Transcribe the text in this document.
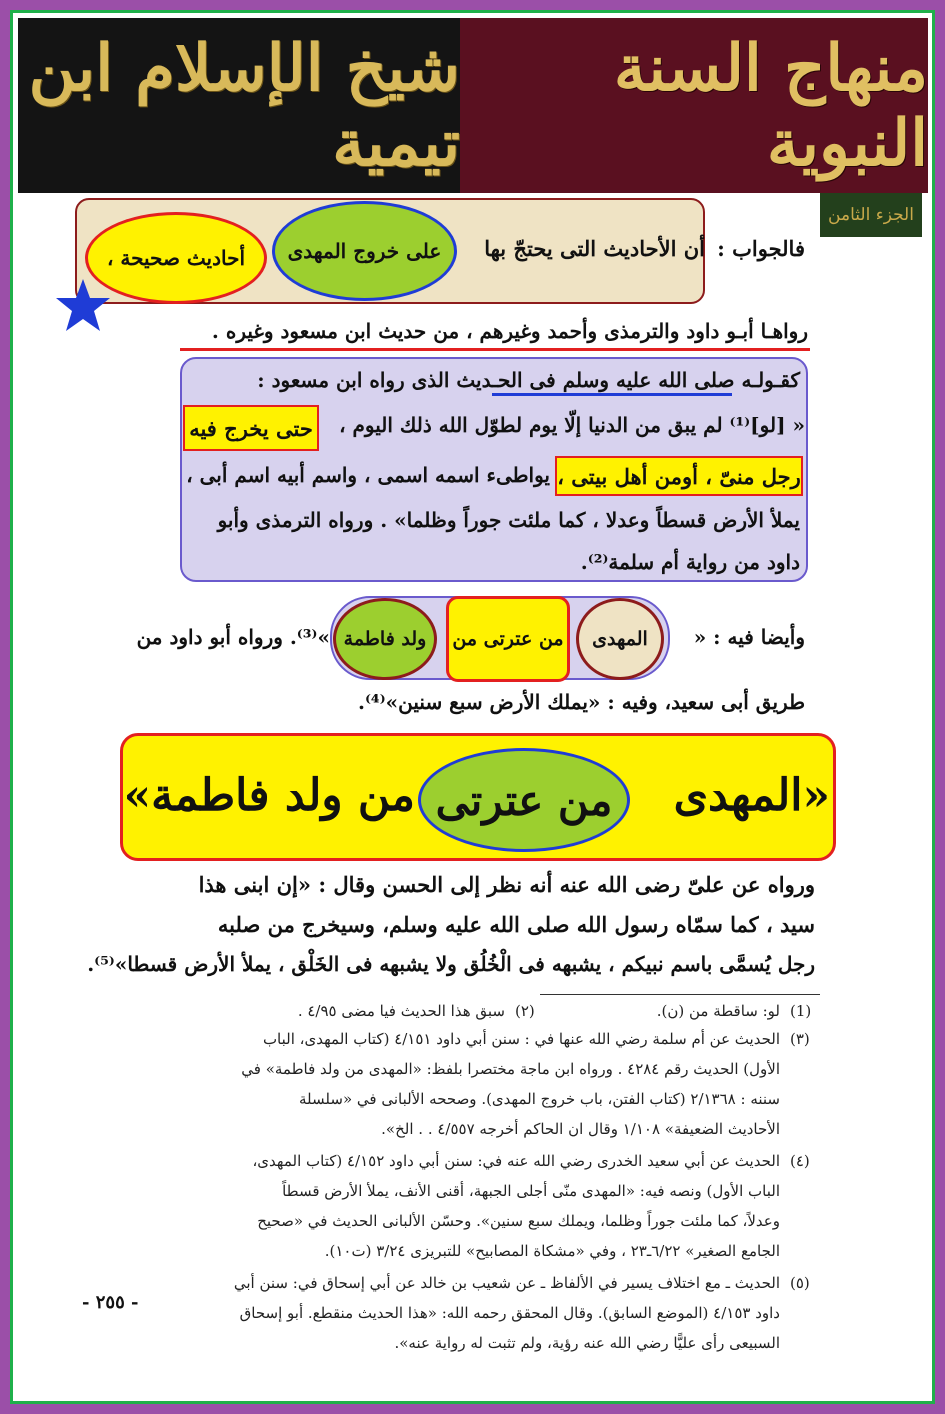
شيخ الإسلام ابن تيمية
منهاج السنة النبوية
الجزء الثامن
فالجواب :
أن الأحاديث التى يحتجّ بها
على خروج المهدى
أحاديث صحيحة ،
رواهـا أبـو داود والترمذى وأحمد وغيرهم ، من حديث ابن مسعود وغيره .
كقـولـه صلى الله عليه وسلم فى الحـديث الذى رواه ابن مسعود :
« [لو]⁽¹⁾ لم يبق من الدنيا إلّا يوم لطوّل الله ذلك اليوم ،
حتى يخرج فيه
رجل منىّ ، أومن أهل بيتى ،
يواطىء اسمه اسمى ، واسم أبيه اسم أبى ،
يملأ الأرض قسطاً وعدلا ، كما ملئت جوراً وظلما» . ورواه الترمذى وأبو
داود من رواية أم سلمة⁽²⁾.
وأيضا فيه : «
المهدى
من عترتى من
ولد فاطمة
»⁽³⁾. ورواه أبو داود من
طريق أبى سعيد، وفيه : «يملك الأرض سبع سنين»⁽⁴⁾.
«المهدى
من عترتى
من ولد فاطمة»
ورواه عن علىّ رضى الله عنه أنه نظر إلى الحسن وقال : «إن ابنى هذا
سيد ، كما سمّاه رسول الله صلى الله عليه وسلم، وسيخرج من صلبه
رجل يُسمَّى باسم نبيكم ، يشبهه فى الْخُلُق ولا يشبهه فى الخَلْق ، يملأ الأرض قسطا»⁽⁵⁾.
(1)
لو: ساقطة من (ن).
(٢)
سبق هذا الحديث فيا مضى ٤/٩٥ .
(٣)
الحديث عن أم سلمة رضي الله عنها في : سنن أبي داود ٤/١٥١ (كتاب المهدى، الباب
الأول) الحديث رقم ٤٢٨٤ . ورواه ابن ماجة مختصرا بلفظ: «المهدى من ولد فاطمة» في
سننه : ٢/١٣٦٨ (كتاب الفتن، باب خروج المهدى). وصححه الألبانى في «سلسلة
الأحاديث الضعيفة» ١/١٠٨ وقال ان الحاكم أخرجه ٤/٥٥٧ . . الخ».
(٤)
الحديث عن أبي سعيد الخدرى رضي الله عنه في: سنن أبي داود ٤/١٥٢ (كتاب المهدى،
الباب الأول) ونصه فيه: «المهدى منّى أجلى الجبهة، أقنى الأنف، يملأ الأرض قسطاً
وعدلاً، كما ملئت جوراً وظلما، ويملك سبع سنين». وحسّن الألبانى الحديث في «صحيح
الجامع الصغير» ٦/٢٢ـ٢٣ ، وفي «مشكاة المصابيح» للتبريزى ٣/٢٤ (ت١٠).
(٥)
الحديث ـ مع اختلاف يسير في الألفاظ ـ عن شعيب بن خالد عن أبي إسحاق في: سنن أبي
داود ٤/١٥٣ (الموضع السابق). وقال المحقق رحمه الله: «هذا الحديث منقطع. أبو إسحاق
السبيعى رأى عليًّا رضي الله عنه رؤية، ولم تثبت له رواية عنه».
- ٢٥٥ -
